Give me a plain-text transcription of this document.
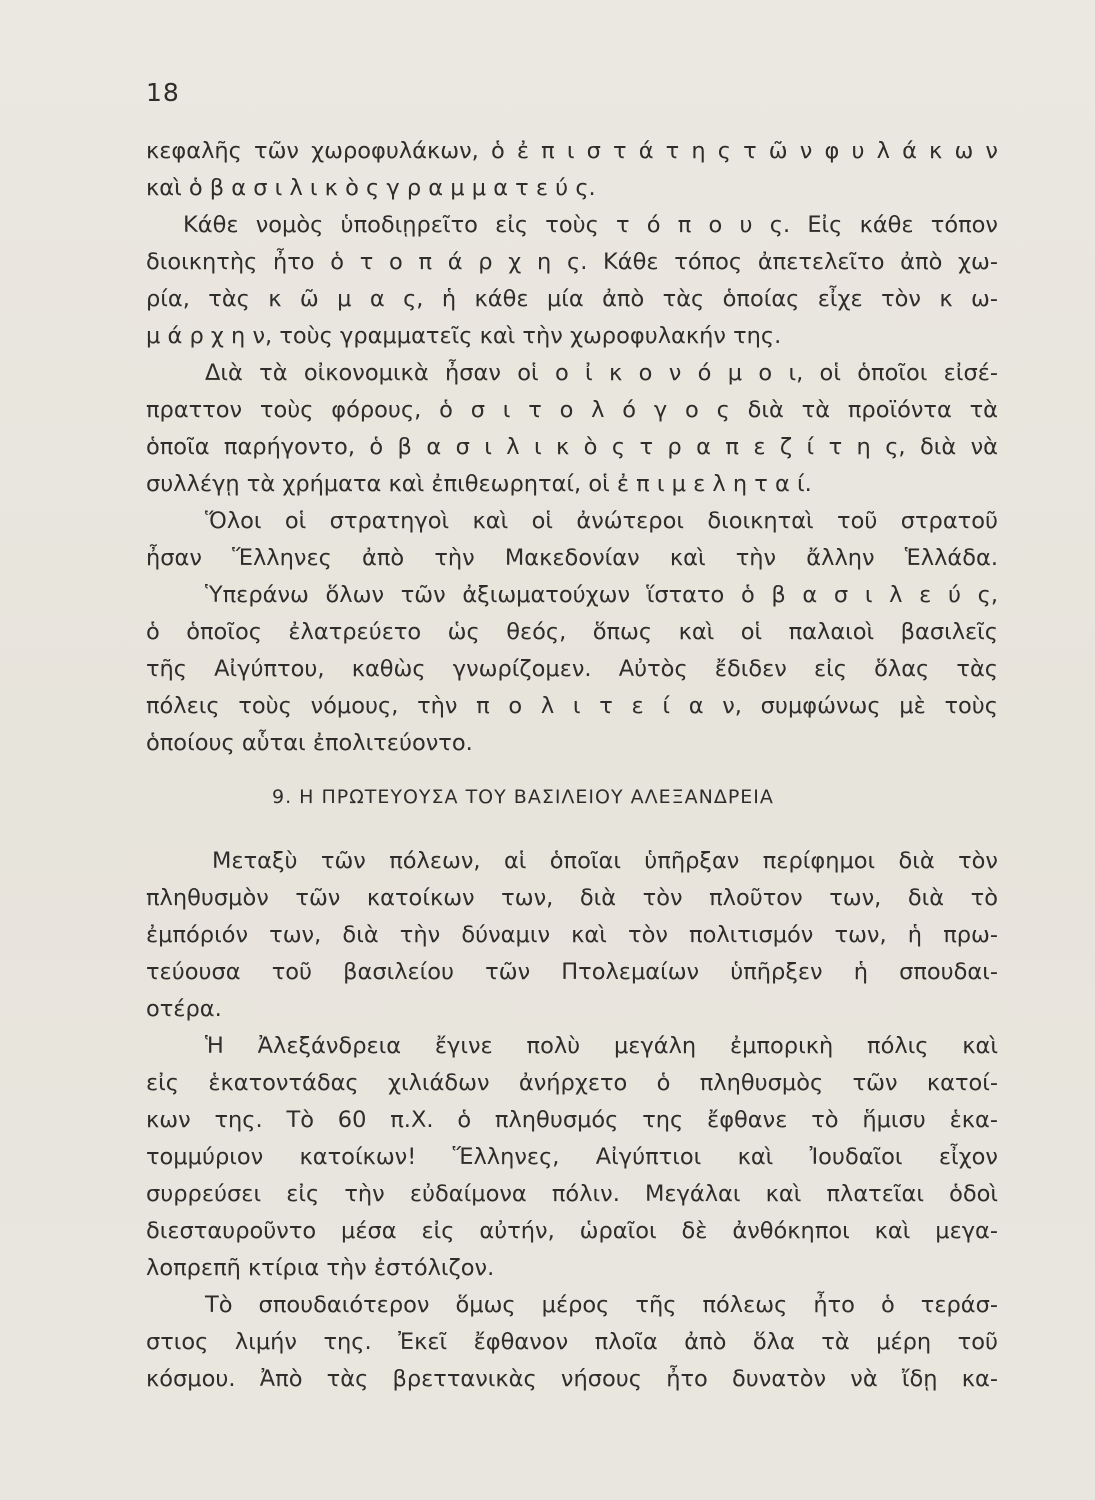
18
κεφαλῆς τῶν χωροφυλάκων, ὁ ἐ π ι σ τ ά τ η ς τ ῶ ν φ υ λ ά κ ω ν
καὶ ὁ β α σ ι λ ι κ ὸ ς γ ρ α μ μ α τ ε ύ ς.
Κάθε νομὸς ὑποδιῃρεῖτο εἰς τοὺς τ ό π ο υ ς. Εἰς κάθε τόπον
διοικητὴς ἦτο ὁ τ ο π ά ρ χ η ς. Κάθε τόπος ἀπετελεῖτο ἀπὸ χω-
ρία, τὰς κ ῶ μ α ς, ἡ κάθε μία ἀπὸ τὰς ὁποίας εἶχε τὸν κ ω-
μ ά ρ χ η ν, τοὺς γραμματεῖς καὶ τὴν χωροφυλακήν της.
Διὰ τὰ οἰκονομικὰ ἦσαν οἱ ο ἰ κ ο ν ό μ ο ι, οἱ ὁποῖοι εἰσέ-
πραττον τοὺς φόρους, ὁ σ ι τ ο λ ό γ ο ς διὰ τὰ προϊόντα τὰ
ὁποῖα παρήγοντο, ὁ β α σ ι λ ι κ ὸ ς τ ρ α π ε ζ ί τ η ς, διὰ νὰ
συλλέγῃ τὰ χρήματα καὶ ἐπιθεωρηταί, οἱ ἐ π ι μ ε λ η τ α ί.
Ὅλοι οἱ στρατηγοὶ καὶ οἱ ἀνώτεροι διοικηταὶ τοῦ στρατοῦ
ἦσαν Ἕλληνες ἀπὸ τὴν Μακεδονίαν καὶ τὴν ἄλλην Ἑλλάδα.
Ὑπεράνω ὅλων τῶν ἀξιωματούχων ἵστατο ὁ β α σ ι λ ε ύ ς,
ὁ ὁποῖος ἐλατρεύετο ὡς θεός, ὅπως καὶ οἱ παλαιοὶ βασιλεῖς
τῆς Αἰγύπτου, καθὼς γνωρίζομεν. Αὐτὸς ἔδιδεν εἰς ὅλας τὰς
πόλεις τοὺς νόμους, τὴν π ο λ ι τ ε ί α ν, συμφώνως μὲ τοὺς
ὁποίους αὗται ἐπολιτεύοντο.
9. Η ΠΡΩΤΕΥΟΥΣΑ ΤΟΥ ΒΑΣΙΛΕΙΟΥ ΑΛΕΞΑΝΔΡΕΙΑ
Μεταξὺ τῶν πόλεων, αἱ ὁποῖαι ὑπῆρξαν περίφημοι διὰ τὸν
πληθυσμὸν τῶν κατοίκων των, διὰ τὸν πλοῦτον των, διὰ τὸ
ἐμπόριόν των, διὰ τὴν δύναμιν καὶ τὸν πολιτισμόν των, ἡ πρω-
τεύουσα τοῦ βασιλείου τῶν Πτολεμαίων ὑπῆρξεν ἡ σπουδαι-
οτέρα.
Ἡ Ἀλεξάνδρεια ἔγινε πολὺ μεγάλη ἐμπορικὴ πόλις καὶ
εἰς ἑκατοντάδας χιλιάδων ἀνήρχετο ὁ πληθυσμὸς τῶν κατοί-
κων της. Τὸ 60 π.Χ. ὁ πληθυσμός της ἔφθανε τὸ ἥμισυ ἑκα-
τομμύριον κατοίκων! Ἕλληνες, Αἰγύπτιοι καὶ Ἰουδαῖοι εἶχον
συρρεύσει εἰς τὴν εὐδαίμονα πόλιν. Μεγάλαι καὶ πλατεῖαι ὁδοὶ
διεσταυροῦντο μέσα εἰς αὐτήν, ὡραῖοι δὲ ἀνθόκηποι καὶ μεγα-
λοπρεπῆ κτίρια τὴν ἐστόλιζον.
Τὸ σπουδαιότερον ὅμως μέρος τῆς πόλεως ἦτο ὁ τεράσ-
στιος λιμήν της. Ἐκεῖ ἔφθανον πλοῖα ἀπὸ ὅλα τὰ μέρη τοῦ
κόσμου. Ἀπὸ τὰς βρεττανικὰς νήσους ἦτο δυνατὸν νὰ ἴδῃ κα-
